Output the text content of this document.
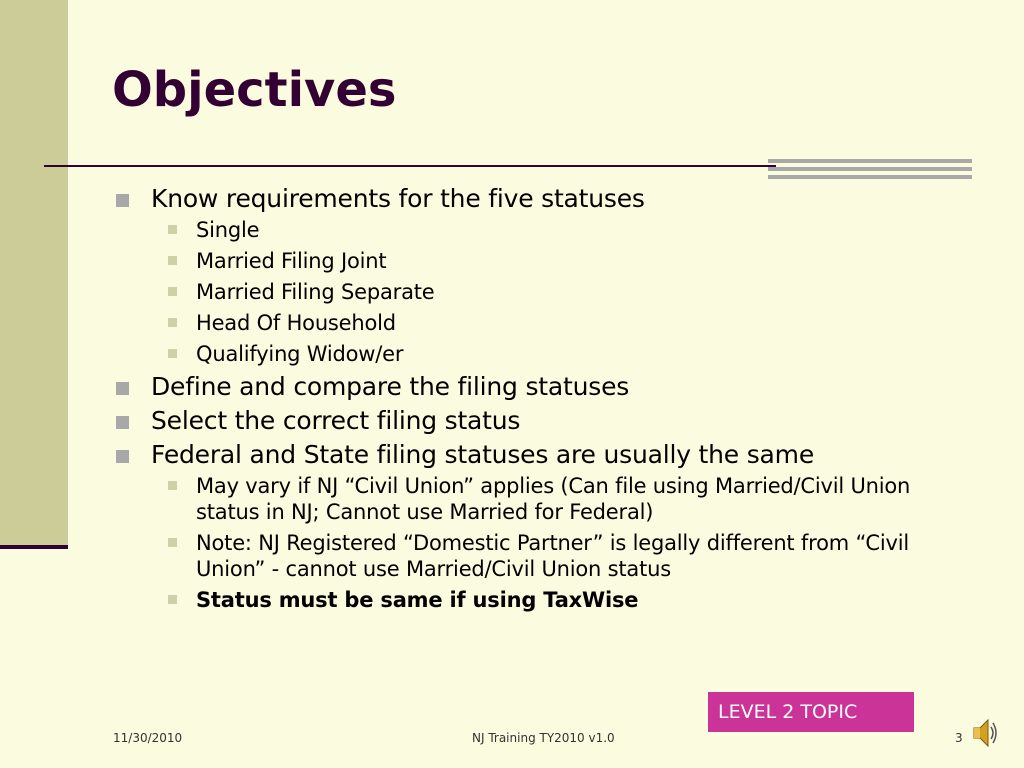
Objectives
Know requirements for the five statuses
Single
Married Filing Joint
Married Filing Separate
Head Of Household
Qualifying Widow/er
Define and compare the filing statuses
Select the correct filing status
Federal and State filing statuses are usually the same
May vary if NJ “Civil Union” applies (Can file using Married/Civil Union status in NJ; Cannot use Married for Federal)
Note: NJ Registered “Domestic Partner” is legally different from “Civil Union” - cannot use Married/Civil Union status
Status must be same if using TaxWise
LEVEL 2 TOPIC
11/30/2010	NJ Training TY2010 v1.0	3
